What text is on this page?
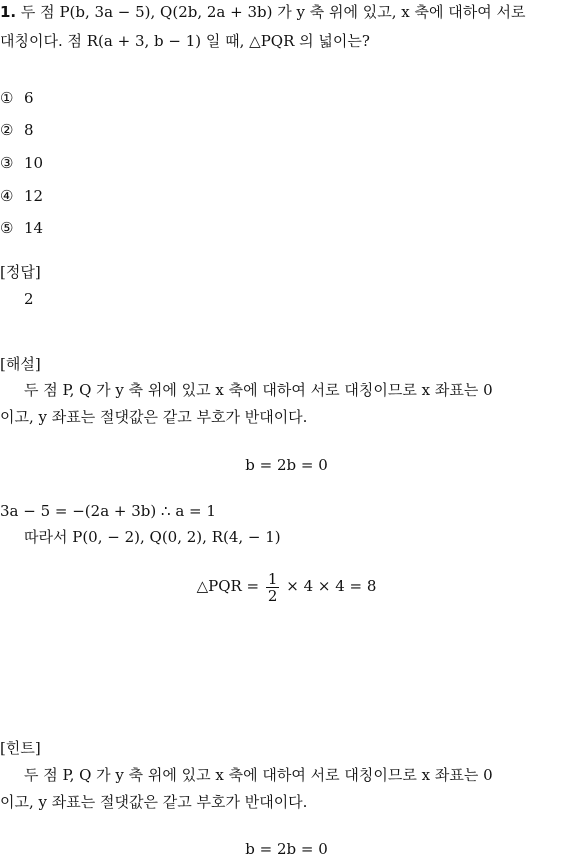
1. 두 점 P(b, 3a − 5), Q(2b, 2a + 3b) 가 y 축 위에 있고, x 축에 대하여 서로
대칭이다. 점 R(a + 3, b − 1) 일 때, △PQR 의 넓이는?
① 6
② 8
③ 10
④ 12
⑤ 14
[정답]
2
[해설]
두 점 P, Q 가 y 축 위에 있고 x 축에 대하여 서로 대칭이므로 x 좌표는 0
이고, y 좌표는 절댓값은 같고 부호가 반대이다.
b = 2b = 0
3a − 5 = −(2a + 3b) ∴ a = 1
따라서 P(0, − 2), Q(0, 2), R(4, − 1)
△PQR = $\frac{1}{2} \times 4 \times 4 = 8$
[힌트]
두 점 P, Q 가 y 축 위에 있고 x 축에 대하여 서로 대칭이므로 x 좌표는 0
이고, y 좌표는 절댓값은 같고 부호가 반대이다.
b = 2b = 0
